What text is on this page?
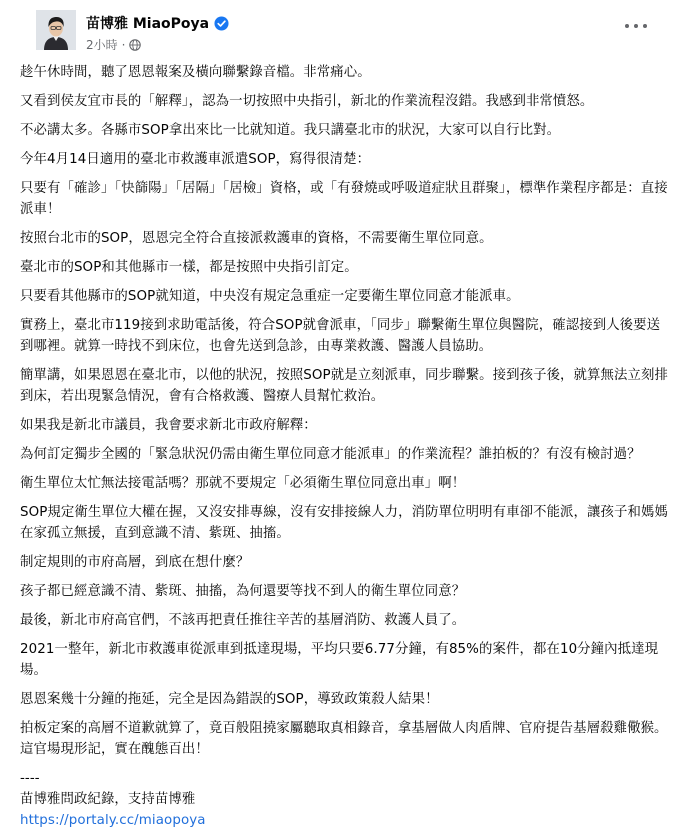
苗博雅 MiaoPoya
2小時 ·

趁午休時間，聽了恩恩報案及橫向聯繫錄音檔。非常痛心。

又看到侯友宜市長的「解釋」，認為一切按照中央指引，新北的作業流程沒錯。我感到非常憤怒。

不必講太多。各縣市SOP拿出來比一比就知道。我只講臺北市的狀況，大家可以自行比對。

今年4月14日適用的臺北市救護車派遣SOP，寫得很清楚：

只要有「確診」「快篩陽」「居隔」「居檢」資格，或「有發燒或呼吸道症狀且群聚」，標準作業程序都是：直接派車！

按照台北市的SOP，恩恩完全符合直接派救護車的資格，不需要衛生單位同意。

臺北市的SOP和其他縣市一樣，都是按照中央指引訂定。

只要看其他縣市的SOP就知道，中央沒有規定急重症一定要衛生單位同意才能派車。

實務上，臺北市119接到求助電話後，符合SOP就會派車，「同步」聯繫衛生單位與醫院，確認接到人後要送到哪裡。就算一時找不到床位，也會先送到急診，由專業救護、醫護人員協助。

簡單講，如果恩恩在臺北市，以他的狀況，按照SOP就是立刻派車，同步聯繫。接到孩子後，就算無法立刻排到床，若出現緊急情況，會有合格救護、醫療人員幫忙救治。

如果我是新北市議員，我會要求新北市政府解釋：

為何訂定獨步全國的「緊急狀況仍需由衛生單位同意才能派車」的作業流程？誰拍板的？有沒有檢討過？

衛生單位太忙無法接電話嗎？那就不要規定「必須衛生單位同意出車」啊！

SOP規定衛生單位大權在握，又沒安排專線，沒有安排接線人力，消防單位明明有車卻不能派，讓孩子和媽媽在家孤立無援，直到意識不清、紫斑、抽搐。

制定規則的市府高層，到底在想什麼？

孩子都已經意識不清、紫斑、抽搐，為何還要等找不到人的衛生單位同意？

最後，新北市府高官們，不該再把責任推往辛苦的基層消防、救護人員了。

2021一整年，新北市救護車從派車到抵達現場，平均只要6.77分鐘，有85%的案件，都在10分鐘內抵達現場。

恩恩案幾十分鐘的拖延，完全是因為錯誤的SOP，導致政策殺人結果！

拍板定案的高層不道歉就算了，竟百般阻撓家屬聽取真相錄音，拿基層做人肉盾牌、官府提告基層殺雞儆猴。這官場現形記，實在醜態百出！

----

苗博雅問政紀錄，支持苗博雅

https://portaly.cc/miaopoya
